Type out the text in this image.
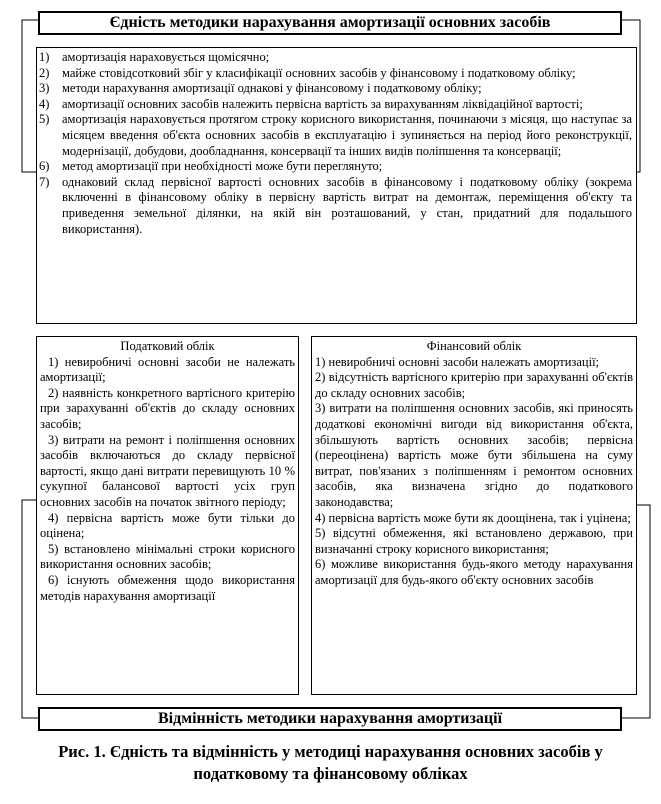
Єдність методики нарахування амортизації основних засобів
1) амортизація нараховується щомісячно;
2) майже стовідсотковий збіг у класифікації основних засобів у фінансовому і податковому обліку;
3) методи нарахування амортизації однакові у фінансовому і податковому обліку;
4) амортизації основних засобів належить первісна вартість за вирахуванням ліквідаційної вартості;
5) амортизація нараховується протягом строку корисного використання, починаючи з місяця, що наступає за місяцем введення об'єкта основних засобів в експлуатацію і зупиняється на період його реконструкції, модернізації, добудови, дообладнання, консервації та інших видів поліпшення та консервації;
6) метод амортизації при необхідності може бути переглянуто;
7) однаковий склад первісної вартості основних засобів в фінансовому і податковому обліку (зокрема включенні в фінансовому обліку в первісну вартість витрат на демонтаж, переміщення об'єкту та приведення земельної ділянки, на якій він розташований, у стан, придатний для подальшого використання).
Податковий облік
1) невиробничі основні засоби не належать амортизації;
2) наявність конкретного вартісного критерію при зарахуванні об'єктів до складу основних засобів;
3) витрати на ремонт і поліпшення основних засобів включаються до складу первісної вартості, якщо дані витрати перевищують 10 % сукупної балансової вартості усіх груп основних засобів на початок звітного періоду;
4) первісна вартість може бути тільки до оцінена;
5) встановлено мінімальні строки корисного використання основних засобів;
6) існують обмеження щодо використання методів нарахування амортизації
Фінансовий облік
1) невиробничі основні засоби належать амортизації;
2) відсутність вартісного критерію при зарахуванні об'єктів до складу основних засобів;
3) витрати на поліпшення основних засобів, які приносять додаткові економічні вигоди від використання об'єкта, збільшують вартість основних засобів; первісна (переоцінена) вартість може бути збільшена на суму витрат, пов'язаних з поліпшенням і ремонтом основних засобів, яка визначена згідно до податкового законодавства;
4) первісна вартість може бути як доощінена, так і уцінена;
5) відсутні обмеження, які встановлено державою, при визначанні строку корисного використання;
6) можливе використання будь-якого методу нарахування амортизації для будь-якого об'єкту основних засобів
Відмінність методики нарахування амортизації
Рис. 1. Єдність та відмінність у методиці нарахування основних засобів у
податковому та фінансовому обліках
